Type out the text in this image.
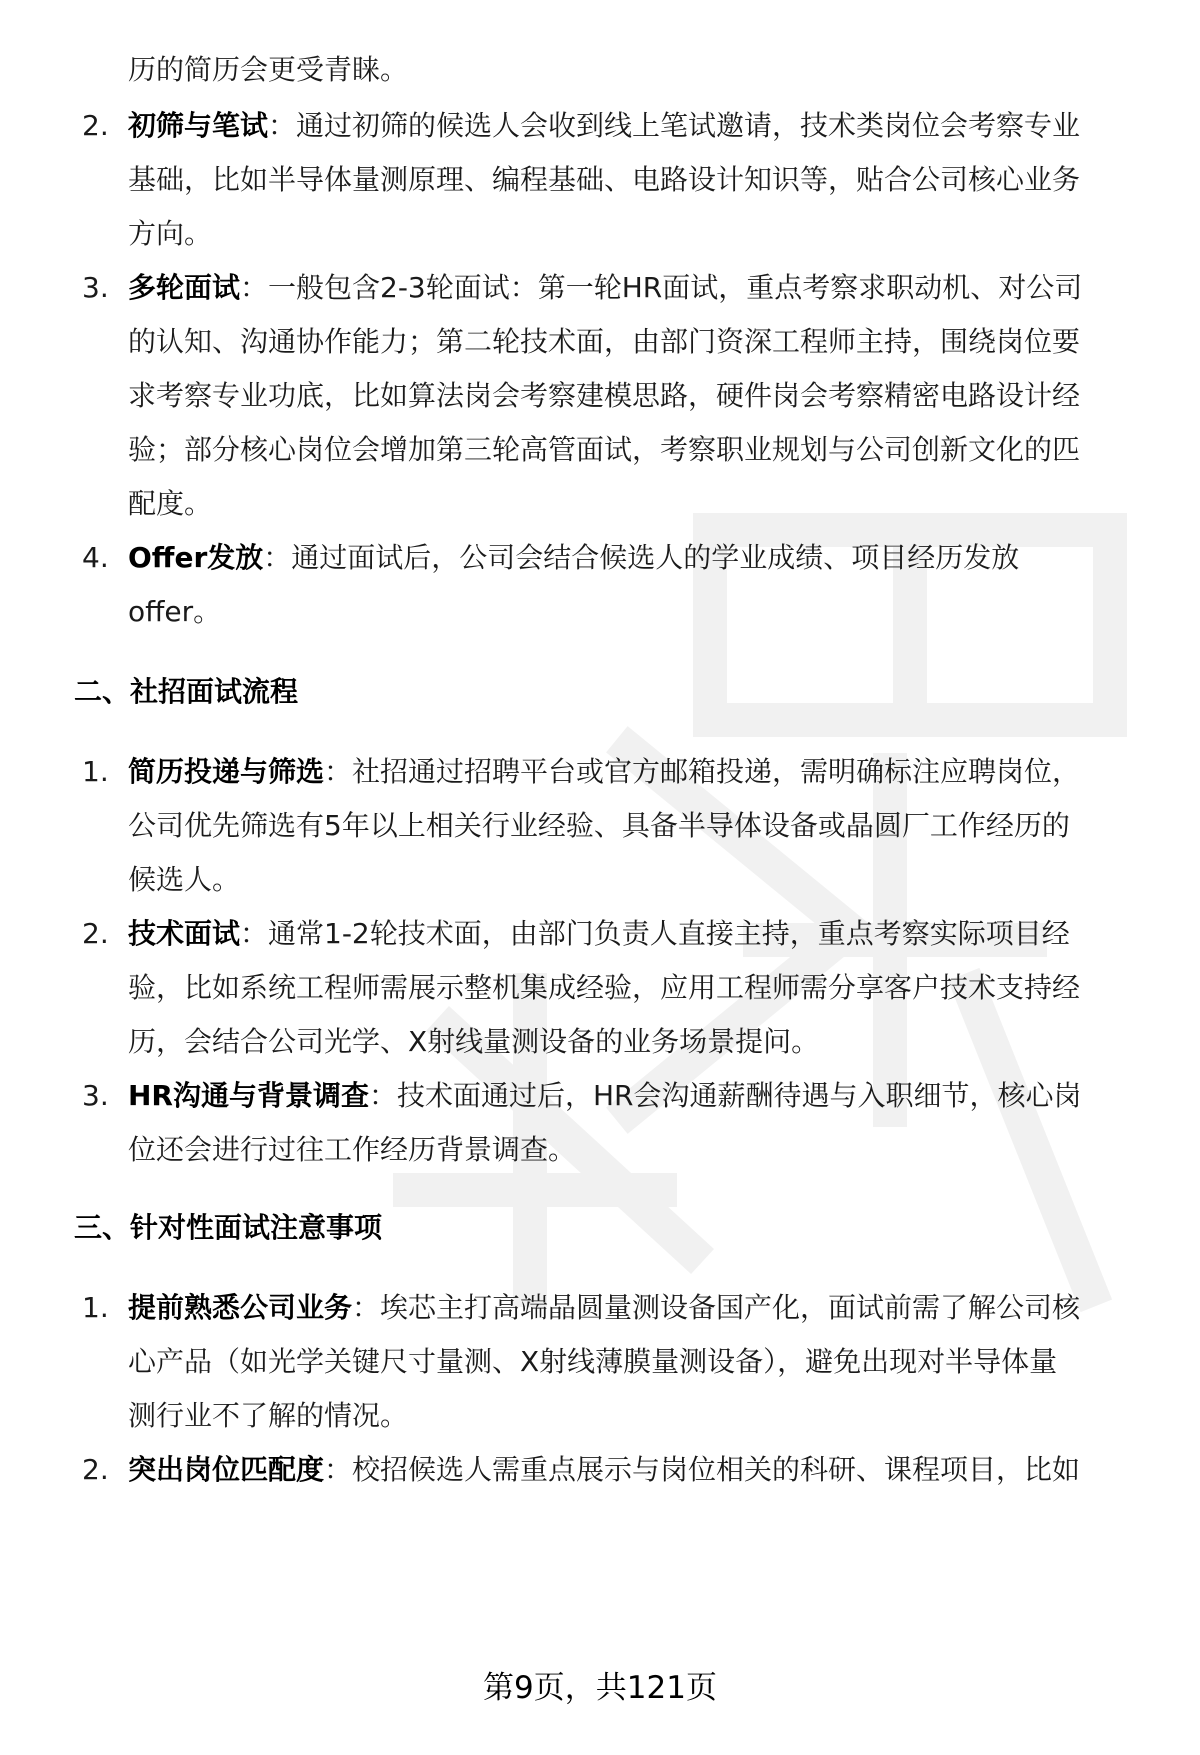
历的简历会更受青睐。
2. 初筛与笔试：通过初筛的候选人会收到线上笔试邀请，技术类岗位会考察专业
基础，比如半导体量测原理、编程基础、电路设计知识等，贴合公司核心业务
方向。
3. 多轮面试：一般包含2-3轮面试：第一轮HR面试，重点考察求职动机、对公司
的认知、沟通协作能力；第二轮技术面，由部门资深工程师主持，围绕岗位要
求考察专业功底，比如算法岗会考察建模思路，硬件岗会考察精密电路设计经
验；部分核心岗位会增加第三轮高管面试，考察职业规划与公司创新文化的匹
配度。
4. Offer发放：通过面试后，公司会结合候选人的学业成绩、项目经历发放
offer。
二、社招面试流程
1. 简历投递与筛选：社招通过招聘平台或官方邮箱投递，需明确标注应聘岗位，
公司优先筛选有5年以上相关行业经验、具备半导体设备或晶圆厂工作经历的
候选人。
2. 技术面试：通常1-2轮技术面，由部门负责人直接主持，重点考察实际项目经
验，比如系统工程师需展示整机集成经验，应用工程师需分享客户技术支持经
历，会结合公司光学、X射线量测设备的业务场景提问。
3. HR沟通与背景调查：技术面通过后，HR会沟通薪酬待遇与入职细节，核心岗
位还会进行过往工作经历背景调查。
三、针对性面试注意事项
1. 提前熟悉公司业务：埃芯主打高端晶圆量测设备国产化，面试前需了解公司核
心产品（如光学关键尺寸量测、X射线薄膜量测设备），避免出现对半导体量
测行业不了解的情况。
2. 突出岗位匹配度：校招候选人需重点展示与岗位相关的科研、课程项目，比如
第9页，共121页
